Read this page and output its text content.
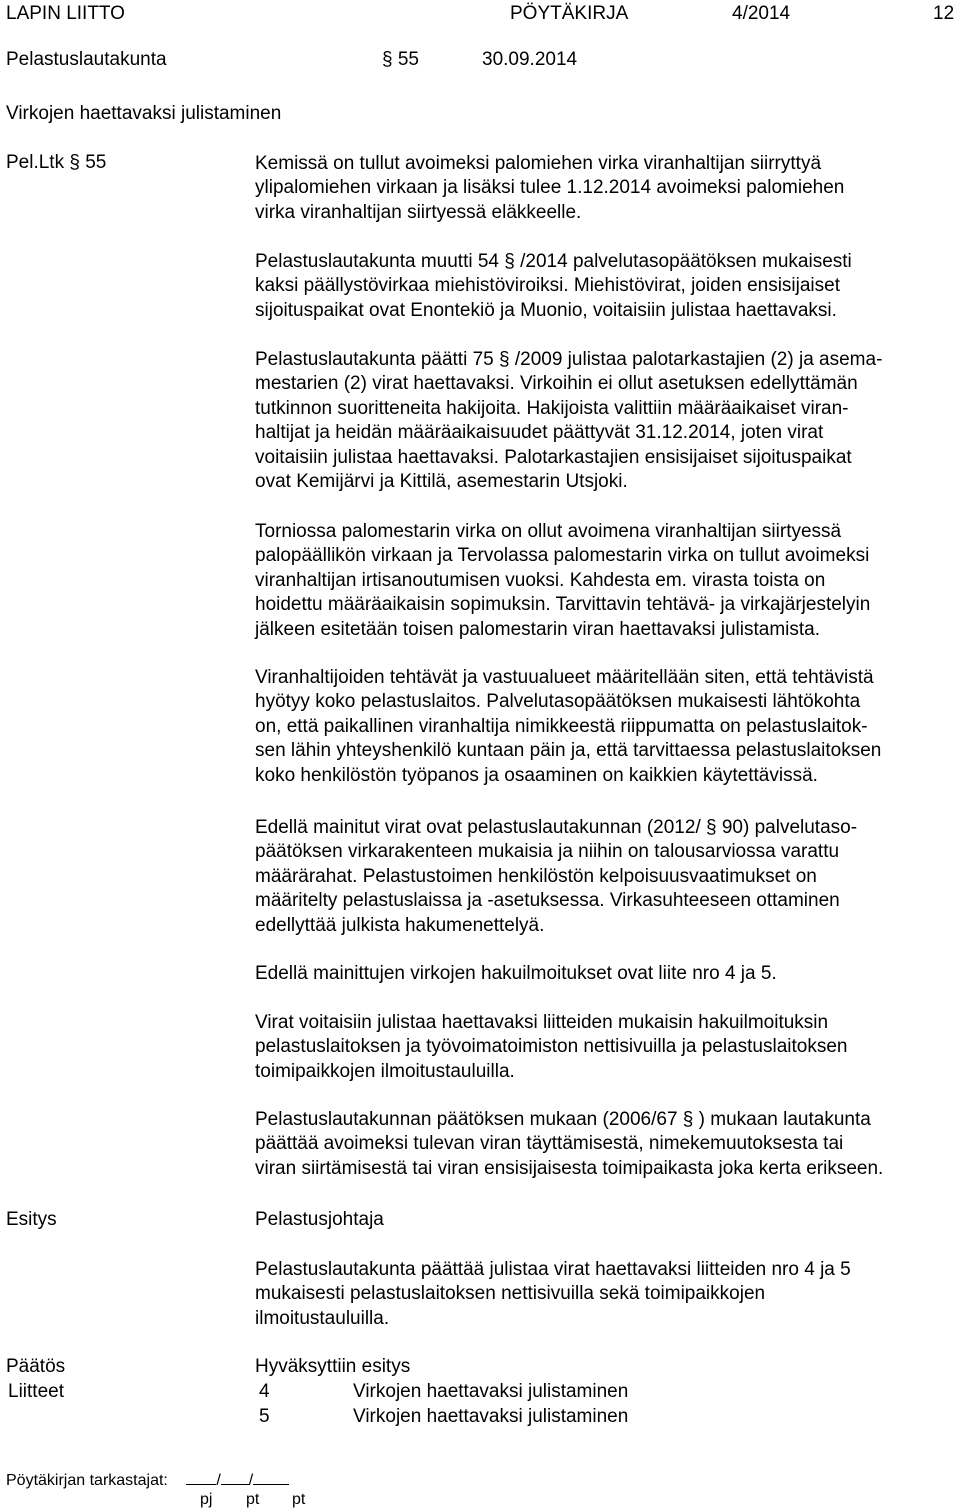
LAPIN LIITTO	PÖYTÄKIRJA	4/2014	12
Pelastuslautakunta	§ 55	30.09.2014
Virkojen haettavaksi julistaminen
Pel.Ltk § 55	Kemissä on tullut avoimeksi palomiehen virka viranhaltijan siirryttyä

ylipalomiehen virkaan ja lisäksi tulee 1.12.2014 avoimeksi palomiehen

virka viranhaltijan siirtyessä eläkkeelle.

Pelastuslautakunta muutti 54 § /2014 palvelutasopäätöksen mukaisesti

kaksi päällystövirkaa miehistöviroiksi. Miehistövirat, joiden ensisijaiset

sijoituspaikat ovat Enontekiö ja Muonio, voitaisiin julistaa haettavaksi.

Pelastuslautakunta päätti 75 § /2009 julistaa palotarkastajien (2) ja asema-

mestarien (2) virat haettavaksi. Virkoihin ei ollut asetuksen edellyttämän

tutkinnon suoritteneita hakijoita. Hakijoista valittiin määräaikaiset viran-

haltijat ja heidän määräaikaisuudet päättyvät 31.12.2014, joten virat

voitaisiin julistaa haettavaksi. Palotarkastajien ensisijaiset sijoituspaikat

ovat Kemijärvi ja Kittilä, asemestarin Utsjoki.

Torniossa palomestarin virka on ollut avoimena viranhaltijan siirtyessä

palopäällikön virkaan ja Tervolassa palomestarin virka on tullut avoimeksi

viranhaltijan irtisanoutumisen vuoksi. Kahdesta em. virasta toista on

hoidettu määräaikaisin sopimuksin. Tarvittavin tehtävä- ja virkajärjestelyin

jälkeen esitetään toisen palomestarin viran haettavaksi julistamista.

Viranhaltijoiden tehtävät ja vastuualueet määritellään siten, että tehtävistä

hyötyy koko pelastuslaitos. Palvelutasopäätöksen mukaisesti lähtökohta

on, että paikallinen viranhaltija nimikkeestä riippumatta on pelastuslaitok-

sen lähin yhteyshenkilö kuntaan päin ja, että tarvittaessa pelastuslaitoksen

koko henkilöstön työpanos ja osaaminen on kaikkien käytettävissä.

Edellä mainitut virat ovat pelastuslautakunnan (2012/ § 90) palvelutaso-

päätöksen virkarakenteen mukaisia ja niihin on talousarviossa varattu

määrärahat. Pelastustoimen henkilöstön kelpoisuusvaatimukset on

määritelty pelastuslaissa ja -asetuksessa. Virkasuhteeseen ottaminen

edellyttää julkista hakumenettelyä.

Edellä mainittujen virkojen hakuilmoitukset ovat liite nro 4 ja 5.

Virat voitaisiin julistaa haettavaksi liitteiden mukaisin hakuilmoituksin

pelastuslaitoksen ja työvoimatoimiston nettisivuilla ja pelastuslaitoksen

toimipaikkojen ilmoitustauluilla.

Pelastuslautakunnan päätöksen mukaan (2006/67 § ) mukaan lautakunta

päättää avoimeksi tulevan viran täyttämisestä, nimekemuutoksesta tai

viran siirtämisestä tai viran ensisijaisesta toimipaikasta joka kerta erikseen.

Esitys	Pelastusjohtaja

Pelastuslautakunta päättää julistaa virat haettavaksi liitteiden nro 4 ja 5

mukaisesti pelastuslaitoksen nettisivuilla sekä toimipaikkojen

ilmoitustauluilla.

Päätös	Hyväksyttiin esitys
Liitteet	4	Virkojen haettavaksi julistaminen
5	Virkojen haettavaksi julistaminen
Pöytäkirjan tarkastajat:	/ /
pj pt pt
